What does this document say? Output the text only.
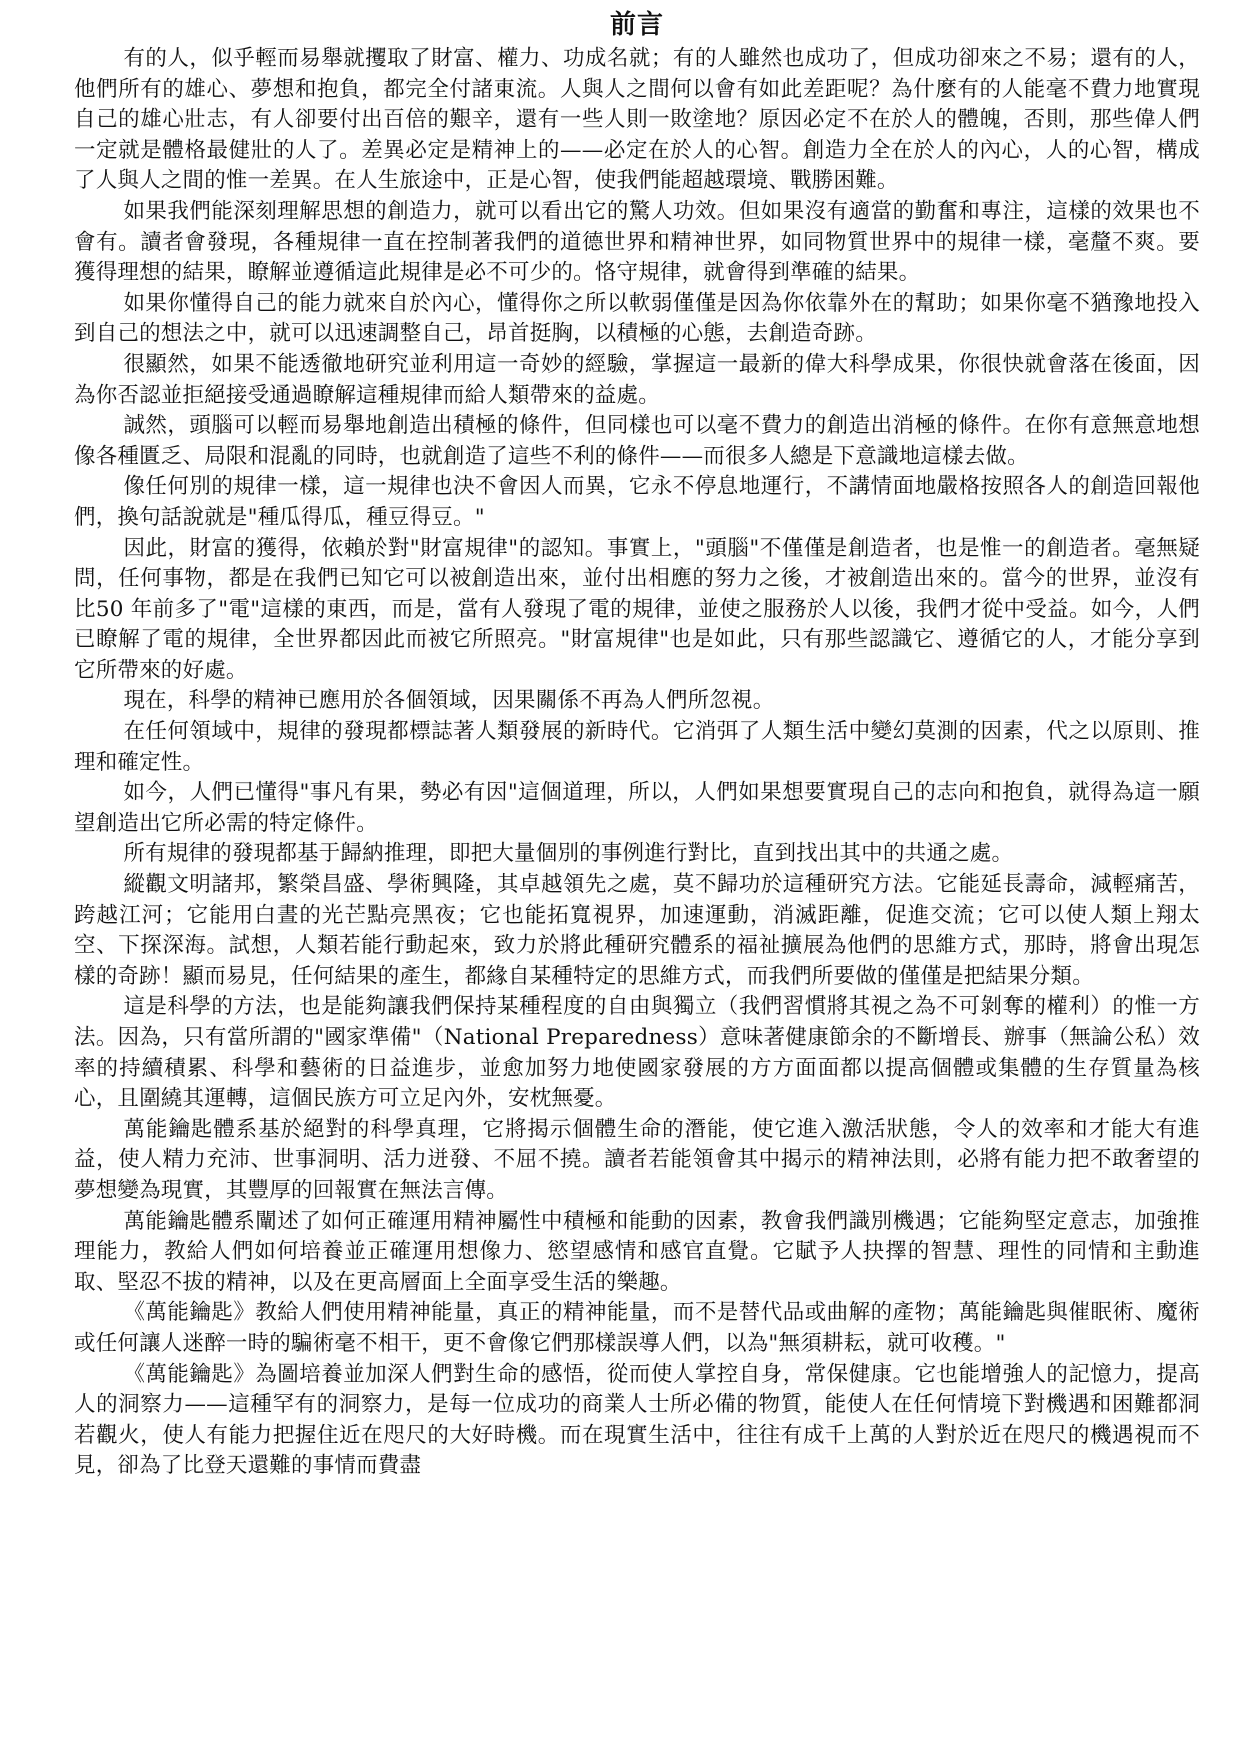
前言

有的人，似乎輕而易舉就攫取了財富、權力、功成名就；有的人雖然也成功了，但成功卻來之不易；還有的人，他們所有的雄心、夢想和抱負，都完全付諸東流。人與人之間何以會有如此差距呢？為什麼有的人能毫不費力地實現自己的雄心壯志，有人卻要付出百倍的艱辛，還有一些人則一敗塗地？原因必定不在於人的體魄，否則，那些偉人們一定就是體格最健壯的人了。差異必定是精神上的——必定在於人的心智。創造力全在於人的內心，人的心智，構成了人與人之間的惟一差異。在人生旅途中，正是心智，使我們能超越環境、戰勝困難。

如果我們能深刻理解思想的創造力，就可以看出它的驚人功效。但如果沒有適當的勤奮和專注，這樣的效果也不會有。讀者會發現，各種規律一直在控制著我們的道德世界和精神世界，如同物質世界中的規律一樣，毫釐不爽。要獲得理想的結果，瞭解並遵循這此規律是必不可少的。恪守規律，就會得到準確的結果。

如果你懂得自己的能力就來自於內心，懂得你之所以軟弱僅僅是因為你依靠外在的幫助；如果你毫不猶豫地投入到自己的想法之中，就可以迅速調整自己，昂首挺胸，以積極的心態，去創造奇跡。

很顯然，如果不能透徹地研究並利用這一奇妙的經驗，掌握這一最新的偉大科學成果，你很快就會落在後面，因為你否認並拒絕接受通過瞭解這種規律而給人類帶來的益處。

誠然，頭腦可以輕而易舉地創造出積極的條件，但同樣也可以毫不費力的創造出消極的條件。在你有意無意地想像各種匱乏、局限和混亂的同時，也就創造了這些不利的條件——而很多人總是下意識地這樣去做。

像任何別的規律一樣，這一規律也決不會因人而異，它永不停息地運行，不講情面地嚴格按照各人的創造回報他們，換句話說就是"種瓜得瓜，種豆得豆。"

因此，財富的獲得，依賴於對"財富規律"的認知。事實上，"頭腦"不僅僅是創造者，也是惟一的創造者。毫無疑問，任何事物，都是在我們已知它可以被創造出來，並付出相應的努力之後，才被創造出來的。當今的世界，並沒有比50 年前多了"電"這樣的東西，而是，當有人發現了電的規律，並使之服務於人以後，我們才從中受益。如今，人們已瞭解了電的規律，全世界都因此而被它所照亮。"財富規律"也是如此，只有那些認識它、遵循它的人，才能分享到它所帶來的好處。

現在，科學的精神已應用於各個領域，因果關係不再為人們所忽視。

在任何領域中，規律的發現都標誌著人類發展的新時代。它消弭了人類生活中變幻莫測的因素，代之以原則、推理和確定性。

如今，人們已懂得"事凡有果，勢必有因"這個道理，所以，人們如果想要實現自己的志向和抱負，就得為這一願望創造出它所必需的特定條件。

所有規律的發現都基于歸納推理，即把大量個別的事例進行對比，直到找出其中的共通之處。

縱觀文明諸邦，繁榮昌盛、學術興隆，其卓越領先之處，莫不歸功於這種研究方法。它能延長壽命，減輕痛苦，跨越江河；它能用白晝的光芒點亮黑夜；它也能拓寬視界，加速運動，消滅距離，促進交流；它可以使人類上翔太空、下探深海。試想，人類若能行動起來，致力於將此種研究體系的福祉擴展為他們的思維方式，那時，將會出現怎樣的奇跡！顯而易見，任何結果的產生，都緣自某種特定的思維方式，而我們所要做的僅僅是把結果分類。

這是科學的方法，也是能夠讓我們保持某種程度的自由與獨立（我們習慣將其視之為不可剝奪的權利）的惟一方法。因為，只有當所謂的"國家準備"（National Preparedness）意味著健康節余的不斷增長、辦事（無論公私）效率的持續積累、科學和藝術的日益進步，並愈加努力地使國家發展的方方面面都以提高個體或集體的生存質量為核心，且圍繞其運轉，這個民族方可立足內外，安枕無憂。

萬能鑰匙體系基於絕對的科學真理，它將揭示個體生命的潛能，使它進入激活狀態，令人的效率和才能大有進益，使人精力充沛、世事洞明、活力迸發、不屈不撓。讀者若能領會其中揭示的精神法則，必將有能力把不敢奢望的夢想變為現實，其豐厚的回報實在無法言傳。

萬能鑰匙體系闡述了如何正確運用精神屬性中積極和能動的因素，教會我們識別機遇；它能夠堅定意志，加強推理能力，教給人們如何培養並正確運用想像力、慾望感情和感官直覺。它賦予人抉擇的智慧、理性的同情和主動進取、堅忍不拔的精神，以及在更高層面上全面享受生活的樂趣。

《萬能鑰匙》教給人們使用精神能量，真正的精神能量，而不是替代品或曲解的產物；萬能鑰匙與催眠術、魔術或任何讓人迷醉一時的騙術毫不相干，更不會像它們那樣誤導人們，以為"無須耕耘，就可收穫。"

《萬能鑰匙》為圖培養並加深人們對生命的感悟，從而使人掌控自身，常保健康。它也能增強人的記憶力，提高人的洞察力——這種罕有的洞察力，是每一位成功的商業人士所必備的物質，能使人在任何情境下對機遇和困難都洞若觀火，使人有能力把握住近在咫尺的大好時機。而在現實生活中，往往有成千上萬的人對於近在咫尺的機遇視而不見，卻為了比登天還難的事情而費盡
